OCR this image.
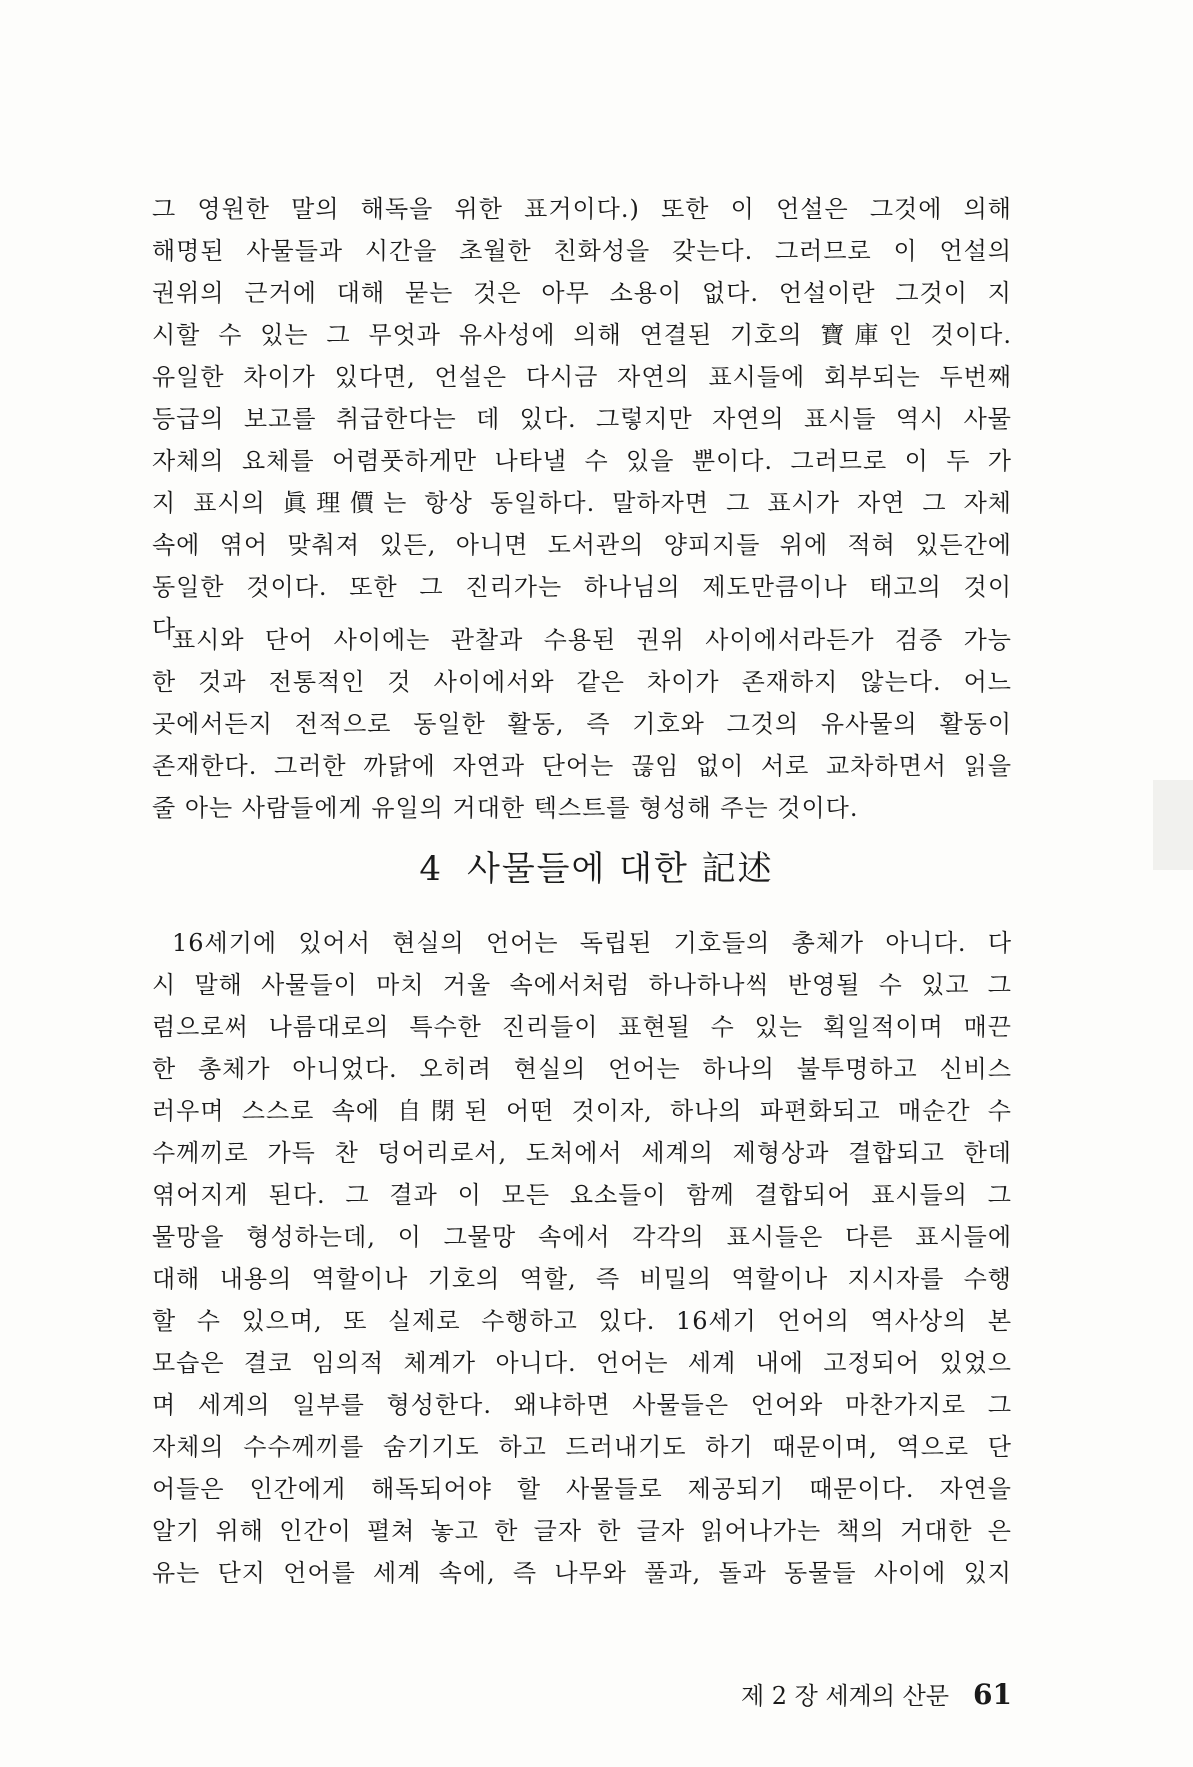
그 영원한 말의 해독을 위한 표거이다.) 또한 이 언설은 그것에 의해
해명된 사물들과 시간을 초월한 친화성을 갖는다. 그러므로 이 언설의
권위의 근거에 대해 묻는 것은 아무 소용이 없다. 언설이란 그것이 지
시할 수 있는 그 무엇과 유사성에 의해 연결된 기호의 寶庫인 것이다.
유일한 차이가 있다면, 언설은 다시금 자연의 표시들에 회부되는 두번째
등급의 보고를 취급한다는 데 있다. 그렇지만 자연의 표시들 역시 사물
자체의 요체를 어렴풋하게만 나타낼 수 있을 뿐이다. 그러므로 이 두 가
지 표시의 眞理價는 항상 동일하다. 말하자면 그 표시가 자연 그 자체
속에 엮어 맞춰져 있든, 아니면 도서관의 양피지들 위에 적혀 있든간에
동일한 것이다. 또한 그 진리가는 하나님의 제도만큼이나 태고의 것이
다.
표시와 단어 사이에는 관찰과 수용된 권위 사이에서라든가 검증 가능
한 것과 전통적인 것 사이에서와 같은 차이가 존재하지 않는다. 어느
곳에서든지 전적으로 동일한 활동, 즉 기호와 그것의 유사물의 활동이
존재한다. 그러한 까닭에 자연과 단어는 끊임 없이 서로 교차하면서 읽을
줄 아는 사람들에게 유일의 거대한 텍스트를 형성해 주는 것이다.
4 사물들에 대한 記述
16세기에 있어서 현실의 언어는 독립된 기호들의 총체가 아니다. 다
시 말해 사물들이 마치 거울 속에서처럼 하나하나씩 반영될 수 있고 그
럼으로써 나름대로의 특수한 진리들이 표현될 수 있는 획일적이며 매끈
한 총체가 아니었다. 오히려 현실의 언어는 하나의 불투명하고 신비스
러우며 스스로 속에 自閉된 어떤 것이자, 하나의 파편화되고 매순간 수
수께끼로 가득 찬 덩어리로서, 도처에서 세계의 제형상과 결합되고 한데
엮어지게 된다. 그 결과 이 모든 요소들이 함께 결합되어 표시들의 그
물망을 형성하는데, 이 그물망 속에서 각각의 표시들은 다른 표시들에
대해 내용의 역할이나 기호의 역할, 즉 비밀의 역할이나 지시자를 수행
할 수 있으며, 또 실제로 수행하고 있다. 16세기 언어의 역사상의 본
모습은 결코 임의적 체계가 아니다. 언어는 세계 내에 고정되어 있었으
며 세계의 일부를 형성한다. 왜냐하면 사물들은 언어와 마찬가지로 그
자체의 수수께끼를 숨기기도 하고 드러내기도 하기 때문이며, 역으로 단
어들은 인간에게 해독되어야 할 사물들로 제공되기 때문이다. 자연을
알기 위해 인간이 펼쳐 놓고 한 글자 한 글자 읽어나가는 책의 거대한 은
유는 단지 언어를 세계 속에, 즉 나무와 풀과, 돌과 동물들 사이에 있지
제 2 장 세계의 산문 61
